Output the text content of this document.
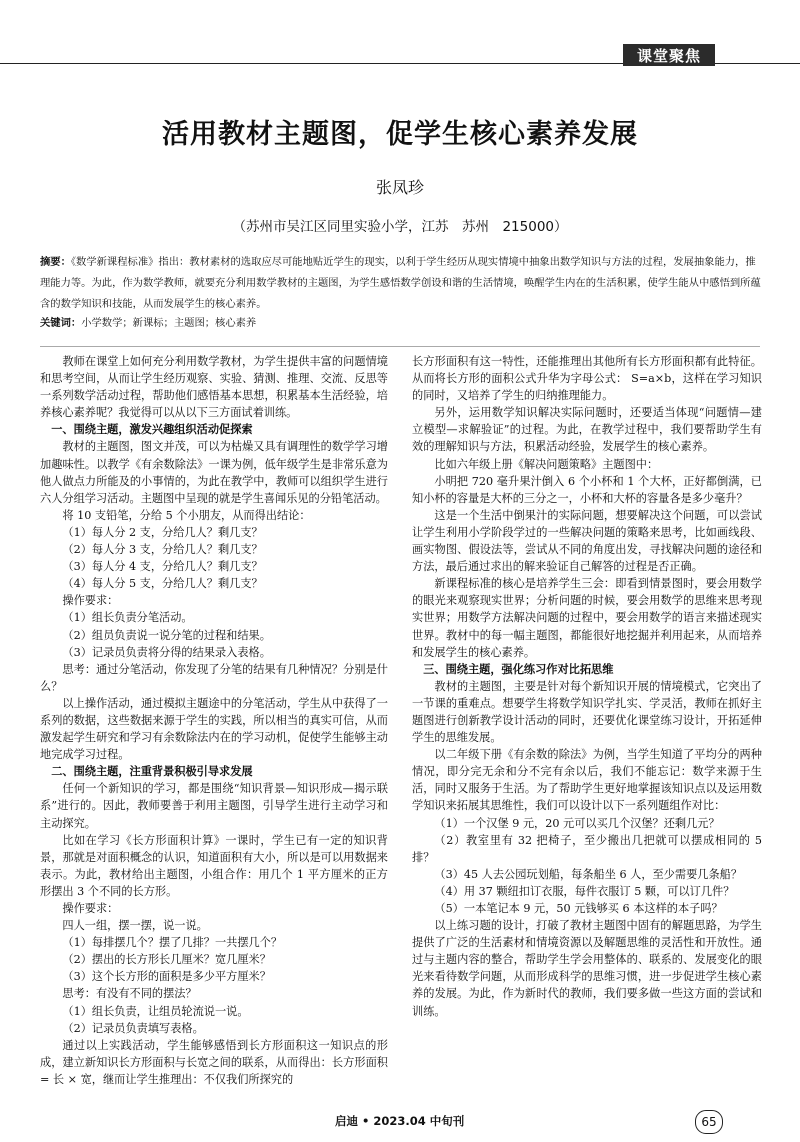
课堂聚焦
活用教材主题图，促学生核心素养发展
张凤珍
（苏州市吴江区同里实验小学，江苏　苏州　215000）
摘要：《数学新课程标准》指出：教材素材的选取应尽可能地贴近学生的现实，以利于学生经历从现实情境中抽象出数学知识与方法的过程，发展抽象能力，推理能力等。为此，作为数学教师，就要充分利用数学教材的主题图，为学生感悟数学创设和谐的生活情境，唤醒学生内在的生活积累，使学生能从中感悟到所蕴含的数学知识和技能，从而发展学生的核心素养。
关键词：小学数学；新课标；主题图；核心素养

教师在课堂上如何充分利用数学教材，为学生提供丰富的问题情境和思考空间，从而让学生经历观察、实验、猜测、推理、交流、反思等一系列数学活动过程，帮助他们感悟基本思想，积累基本生活经验，培养核心素养呢？我觉得可以从以下三方面试着训练。

一、围绕主题，激发兴趣组织活动促探索

教材的主题图，图文并茂，可以为枯燥又具有调理性的数学学习增加趣味性。以教学《有余数除法》一课为例，低年级学生是非常乐意为他人做点力所能及的小事情的，为此在教学中，教师可以组织学生进行六人分组学习活动。主题图中呈现的就是学生喜闻乐见的分铅笔活动。

将 10 支铅笔，分给 5 个小朋友，从而得出结论：

（1）每人分 2 支，分给几人？剩几支？

（2）每人分 3 支，分给几人？剩几支？

（3）每人分 4 支，分给几人？剩几支？

（4）每人分 5 支，分给几人？剩几支？

操作要求：

（1）组长负责分笔活动。

（2）组员负责说一说分笔的过程和结果。

（3）记录员负责将分得的结果录入表格。

思考：通过分笔活动，你发现了分笔的结果有几种情况？分别是什么？

以上操作活动，通过模拟主题途中的分笔活动，学生从中获得了一系列的数据，这些数据来源于学生的实践，所以相当的真实可信，从而激发起学生研究和学习有余数除法内在的学习动机，促使学生能够主动地完成学习过程。

二、围绕主题，注重背景积极引导求发展

任何一个新知识的学习，都是围绕“知识背景—知识形成—揭示联系”进行的。因此，教师要善于利用主题图，引导学生进行主动学习和主动探究。

比如在学习《长方形面积计算》一课时，学生已有一定的知识背景，那就是对面积概念的认识，知道面积有大小，所以是可以用数据来表示。为此，教材给出主题图，小组合作：用几个 1 平方厘米的正方形摆出 3 个不同的长方形。

操作要求：

四人一组，摆一摆，说一说。

（1）每排摆几个？摆了几排？一共摆几个？

（2）摆出的长方形长几厘米？宽几厘米？

（3）这个长方形的面积是多少平方厘米？

思考：有没有不同的摆法？

（1）组长负责，让组员轮流说一说。

（2）记录员负责填写表格。

通过以上实践活动，学生能够感悟到长方形面积这一知识点的形成，建立新知识长方形面积与长宽之间的联系，从而得出：长方形面积 = 长 × 宽，继而让学生推理出：不仅我们所探究的

长方形面积有这一特性，还能推理出其他所有长方形面积都有此特征。从而将长方形的面积公式升华为字母公式： S=a×b，这样在学习知识的同时，又培养了学生的归纳推理能力。

另外，运用数学知识解决实际问题时，还要适当体现“问题情—建立模型—求解验证”的过程。为此，在教学过程中，我们要帮助学生有效的理解知识与方法，积累活动经验，发展学生的核心素养。

比如六年级上册《解决问题策略》主题图中：

小明把 720 毫升果汁倒入 6 个小杯和 1 个大杯，正好都倒满，已知小杯的容量是大杯的三分之一，小杯和大杯的容量各是多少毫升？

这是一个生活中倒果汁的实际问题，想要解决这个问题，可以尝试让学生利用小学阶段学过的一些解决问题的策略来思考，比如画线段、画实物图、假设法等，尝试从不同的角度出发，寻找解决问题的途径和方法，最后通过求出的解来验证自己解答的过程是否正确。

新课程标准的核心是培养学生三会：即看到情景图时，要会用数学的眼光来观察现实世界；分析问题的时候，要会用数学的思维来思考现实世界；用数学方法解决问题的过程中，要会用数学的语言来描述现实世界。教材中的每一幅主题图，都能很好地挖掘并利用起来，从而培养和发展学生的核心素养。

三、围绕主题，强化练习作对比拓思维

教材的主题图，主要是针对每个新知识开展的情境模式，它突出了一节课的重难点。想要学生将数学知识学扎实、学灵活，教师在抓好主题图进行创新教学设计活动的同时，还要优化课堂练习设计，开拓延伸学生的思维发展。

以二年级下册《有余数的除法》为例，当学生知道了平均分的两种情况，即分完无余和分不完有余以后，我们不能忘记：数学来源于生活，同时又服务于生活。为了帮助学生更好地掌握该知识点以及运用数学知识来拓展其思维性，我们可以设计以下一系列题组作对比：

（1）一个汉堡 9 元，20 元可以买几个汉堡？还剩几元？

（2）教室里有 32 把椅子，至少搬出几把就可以摆成相同的 5 排？

（3）45 人去公园玩划船，每条船坐 6 人，至少需要几条船？

（4）用 37 颗纽扣订衣服，每件衣服订 5 颗，可以订几件？

（5）一本笔记本 9 元，50 元钱够买 6 本这样的本子吗？

以上练习题的设计，打破了教材主题图中固有的解题思路，为学生提供了广泛的生活素材和情境资源以及解题思维的灵活性和开放性。通过与主题内容的整合，帮助学生学会用整体的、联系的、发展变化的眼光来看待数学问题，从而形成科学的思维习惯，进一步促进学生核心素养的发展。为此，作为新时代的教师，我们要多做一些这方面的尝试和训练。

启迪 • 2023.04 中旬刊	65
